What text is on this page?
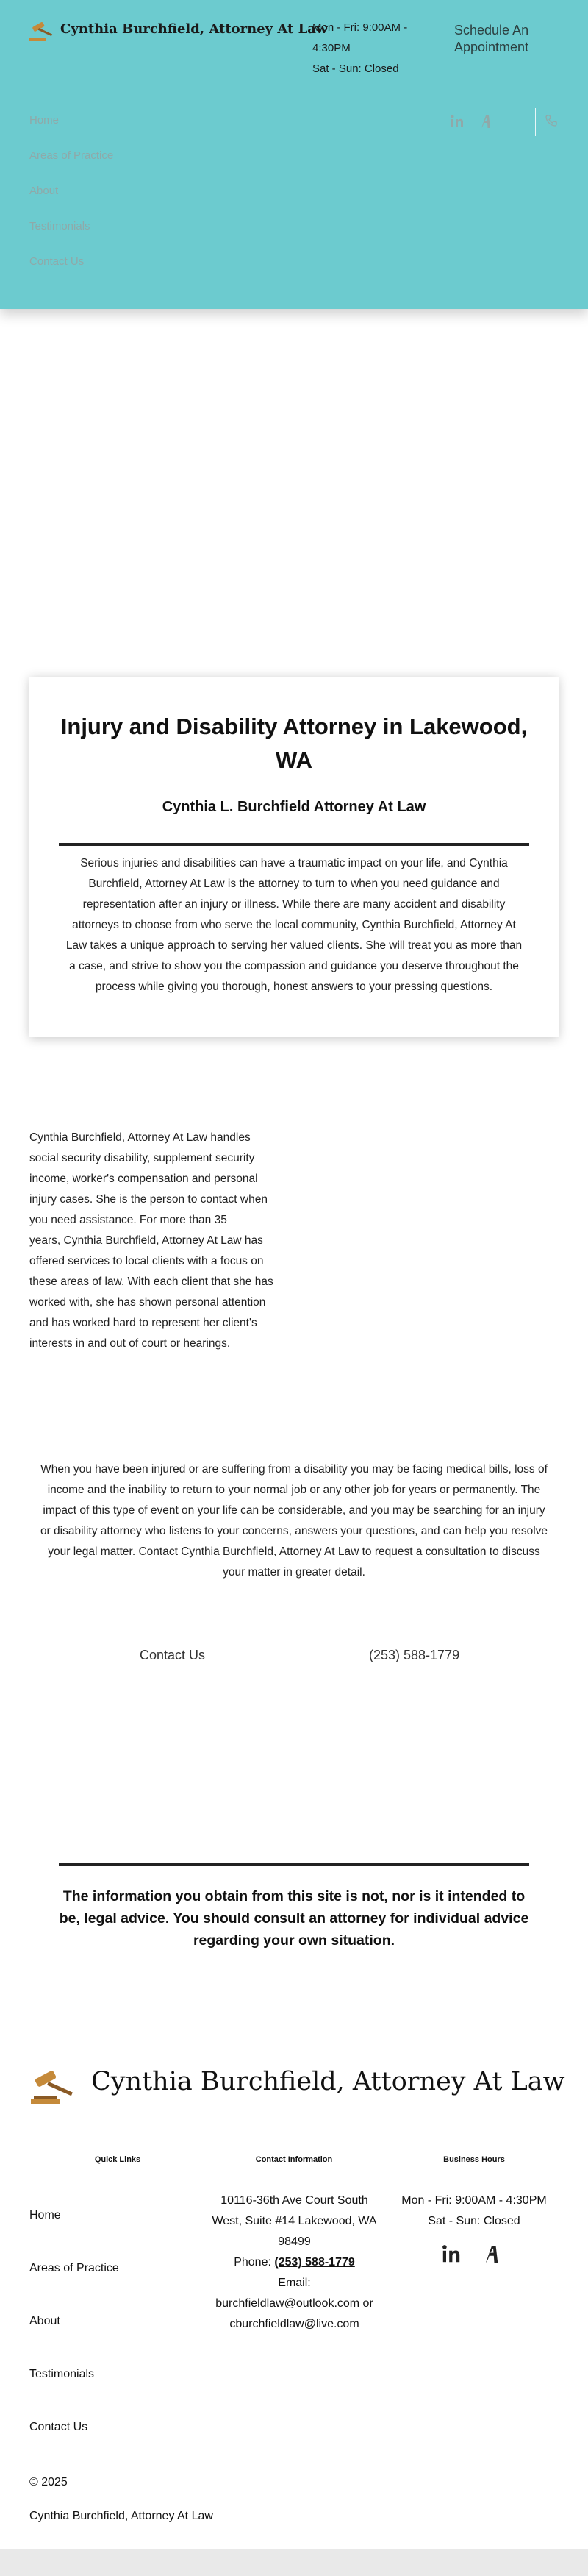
Cynthia Burchfield, Attorney At Law
Mon - Fri: 9:00AM -
4:30PM
Sat - Sun: Closed
Schedule An
Appointment
Home
Areas of Practice
About
Testimonials
Contact Us
Injury and Disability Attorney in Lakewood,
WA
Cynthia L. Burchfield Attorney At Law
Serious injuries and disabilities can have a traumatic impact on your life, and Cynthia
Burchfield, Attorney At Law is the attorney to turn to when you need guidance and
representation after an injury or illness. While there are many accident and disability
attorneys to choose from who serve the local community, Cynthia Burchfield, Attorney At
Law takes a unique approach to serving her valued clients. She will treat you as more than
a case, and strive to show you the compassion and guidance you deserve throughout the
process while giving you thorough, honest answers to your pressing questions.
Cynthia Burchfield, Attorney At Law handles
social security disability, supplement security
income, worker's compensation and personal
injury cases. She is the person to contact when
you need assistance. For more than 35
years, Cynthia Burchfield, Attorney At Law has
offered services to local clients with a focus on
these areas of law. With each client that she has
worked with, she has shown personal attention
and has worked hard to represent her client's
interests in and out of court or hearings.
When you have been injured or are suffering from a disability you may be facing medical bills, loss of
income and the inability to return to your normal job or any other job for years or permanently. The
impact of this type of event on your life can be considerable, and you may be searching for an injury
or disability attorney who listens to your concerns, answers your questions, and can help you resolve
your legal matter. Contact Cynthia Burchfield, Attorney At Law to request a consultation to discuss
your matter in greater detail.
Contact Us	(253) 588-1779
The information you obtain from this site is not, nor is it intended to
be, legal advice. You should consult an attorney for individual advice
regarding your own situation.
Cynthia Burchfield, Attorney At Law
Quick Links	Contact Information	Business Hours
Home
Areas of Practice
About
Testimonials
Contact Us
10116-36th Ave Court South
West, Suite #14 Lakewood, WA
98499
Phone: (253) 588-1779
Email:
burchfieldlaw@outlook.com or
cburchfieldlaw@live.com
Mon - Fri: 9:00AM - 4:30PM
Sat - Sun: Closed
© 2025
Cynthia Burchfield, Attorney At Law
